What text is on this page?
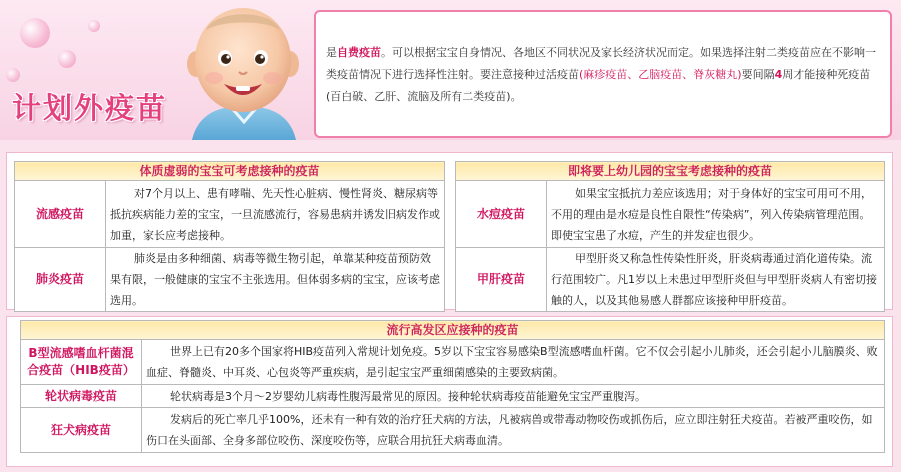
计划外疫苗
是自费疫苗。可以根据宝宝自身情况、各地区不同状况及家长经济状况而定。如果选择注射二类疫苗应在不影响一类疫苗情况下进行选择性注射。要注意接种过活疫苗(麻疹疫苗、乙脑疫苗、脊灰糖丸)要间隔4周才能接种死疫苗(百白破、乙肝、流脑及所有二类疫苗)。
体质虚弱的宝宝可考虑接种的疫苗	
流感疫苗	对7个月以上、患有哮喘、先天性心脏病、慢性肾炎、糖尿病等抵抗疾病能力差的宝宝，一旦流感流行，容易患病并诱发旧病发作或加重，家长应考虑接种。
肺炎疫苗	肺炎是由多种细菌、病毒等微生物引起，单靠某种疫苗预防效果有限，一般健康的宝宝不主张选用。但体弱多病的宝宝，应该考虑选用。
即将要上幼儿园的宝宝考虑接种的疫苗	
水痘疫苗	如果宝宝抵抗力差应该选用；对于身体好的宝宝可用可不用，不用的理由是水痘是良性自限性“传染病”，列入传染病管理范围。即使宝宝患了水痘，产生的并发症也很少。
甲肝疫苗	甲型肝炎又称急性传染性肝炎，肝炎病毒通过消化道传染。流行范围较广。凡1岁以上未患过甲型肝炎但与甲型肝炎病人有密切接触的人，以及其他易感人群都应该接种甲肝疫苗。
流行高发区应接种的疫苗	
B型流感嗜血杆菌混合疫苗（HIB疫苗）	世界上已有20多个国家将HIB疫苗列入常规计划免疫。5岁以下宝宝容易感染B型流感嗜血杆菌。它不仅会引起小儿肺炎，还会引起小儿脑膜炎、败血症、脊髓炎、中耳炎、心包炎等严重疾病，是引起宝宝严重细菌感染的主要致病菌。
轮状病毒疫苗	轮状病毒是3个月～2岁婴幼儿病毒性腹泻最常见的原因。接种轮状病毒疫苗能避免宝宝严重腹泻。
狂犬病疫苗	发病后的死亡率几乎100%，还未有一种有效的治疗狂犬病的方法，凡被病兽或带毒动物咬伤或抓伤后，应立即注射狂犬疫苗。若被严重咬伤，如伤口在头面部、全身多部位咬伤、深度咬伤等，应联合用抗狂犬病毒血清。
